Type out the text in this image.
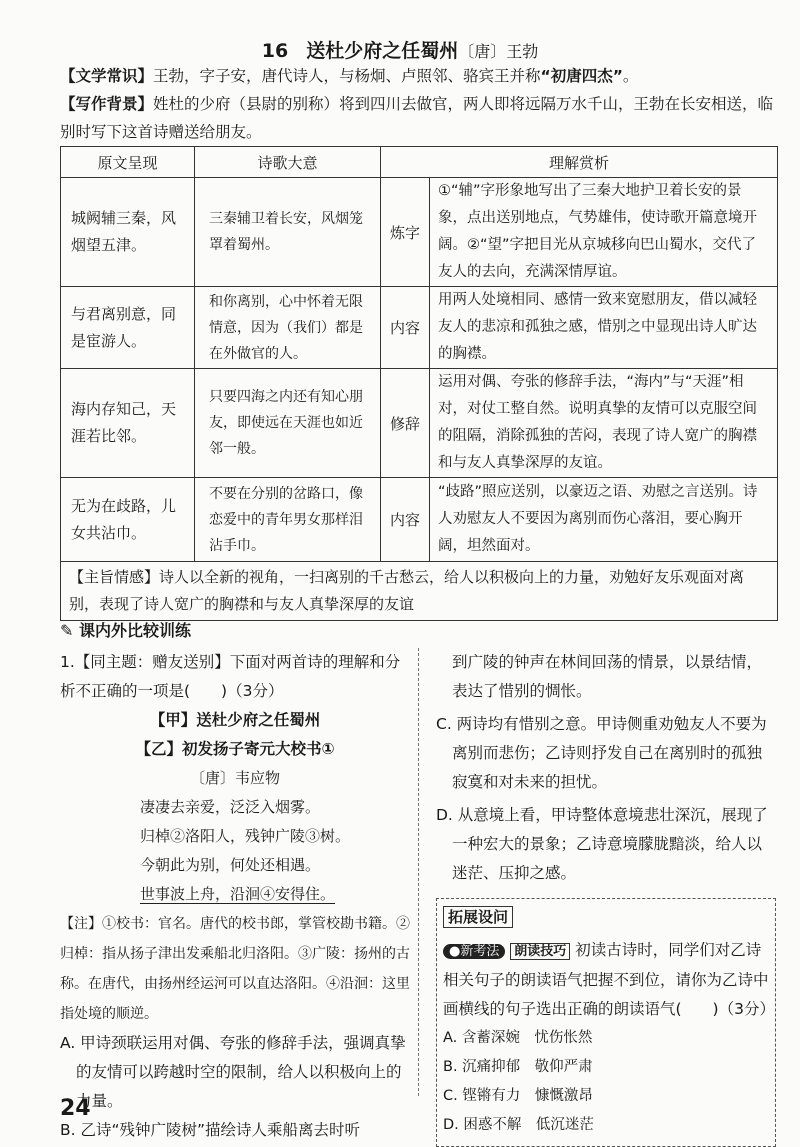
16 送杜少府之任蜀州〔唐〕王勃
【文学常识】王勃，字子安，唐代诗人，与杨炯、卢照邻、骆宾王并称“初唐四杰”。
【写作背景】姓杜的少府（县尉的别称）将到四川去做官，两人即将远隔万水千山，王勃在长安相送，临别时写下这首诗赠送给朋友。
原文呈现	诗歌大意	理解赏析	
城阙辅三秦，风烟望五津。	三秦辅卫着长安，风烟笼罩着蜀州。	炼字	①“辅”字形象地写出了三秦大地护卫着长安的景象，点出送别地点，气势雄伟，使诗歌开篇意境开阔。②“望”字把目光从京城移向巴山蜀水，交代了友人的去向，充满深情厚谊。
与君离别意，同是宦游人。	和你离别，心中怀着无限情意，因为（我们）都是在外做官的人。	内容	用两人处境相同、感情一致来宽慰朋友，借以减轻友人的悲凉和孤独之感，惜别之中显现出诗人旷达的胸襟。
海内存知己，天涯若比邻。	只要四海之内还有知心朋友，即使远在天涯也如近邻一般。	修辞	运用对偶、夸张的修辞手法，“海内”与“天涯”相对，对仗工整自然。说明真挚的友情可以克服空间的阻隔，消除孤独的苦闷，表现了诗人宽广的胸襟和与友人真挚深厚的友谊。
无为在歧路，儿女共沾巾。	不要在分别的岔路口，像恋爱中的青年男女那样泪沾手巾。	内容	“歧路”照应送别，以豪迈之语、劝慰之言送别。诗人劝慰友人不要因为离别而伤心落泪，要心胸开阔，坦然面对。
【主旨情感】诗人以全新的视角，一扫离别的千古愁云，给人以积极向上的力量，劝勉好友乐观面对离别，表现了诗人宽广的胸襟和与友人真挚深厚的友谊			
✎ 课内外比较训练
1.【同主题：赠友送别】下面对两首诗的理解和分析不正确的一项是(　　)（3分）
【甲】送杜少府之任蜀州
【乙】初发扬子寄元大校书①
〔唐〕韦应物
凄凄去亲爱，泛泛入烟雾。
归棹②洛阳人，残钟广陵③树。
今朝此为别，何处还相遇。
世事波上舟，沿洄④安得住。
【注】①校书：官名。唐代的校书郎，掌管校勘书籍。②归棹：指从扬子津出发乘船北归洛阳。③广陵：扬州的古称。在唐代，由扬州经运河可以直达洛阳。④沿洄：这里指处境的顺逆。
A. 甲诗颈联运用对偶、夸张的修辞手法，强调真挚的友情可以跨越时空的限制，给人以积极向上的力量。
B. 乙诗“残钟广陵树”描绘诗人乘船离去时听
到广陵的钟声在林间回荡的情景，以景结情，表达了惜别的惆怅。
C. 两诗均有惜别之意。甲诗侧重劝勉友人不要为离别而悲伤；乙诗则抒发自己在离别时的孤独寂寞和对未来的担忧。
D. 从意境上看，甲诗整体意境悲壮深沉，展现了一种宏大的景象；乙诗意境朦胧黯淡，给人以迷茫、压抑之感。
拓展设问
●新考法 朗读技巧 初读古诗时，同学们对乙诗相关句子的朗读语气把握不到位，请你为乙诗中画横线的句子选出正确的朗读语气(　　)（3分）
A. 含蓄深婉　忧伤怅然
B. 沉痛抑郁　敬仰严肃
C. 铿锵有力　慷慨激昂
D. 困惑不解　低沉迷茫
24
